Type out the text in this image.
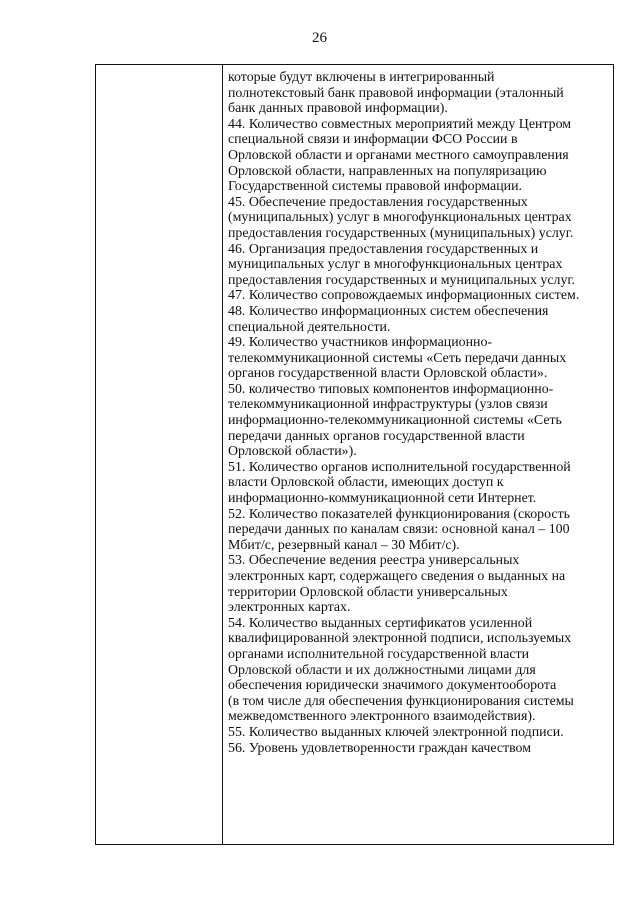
26
которые будут включены в интегрированный
полнотекстовый банк правовой информации (эталонный
банк данных правовой информации).
44. Количество совместных мероприятий между Центром
специальной связи и информации ФСО России в
Орловской области и органами местного самоуправления
Орловской области, направленных на популяризацию
Государственной системы правовой информации.
45. Обеспечение предоставления государственных
(муниципальных) услуг в многофункциональных центрах
предоставления государственных (муниципальных) услуг.
46. Организация предоставления государственных и
муниципальных услуг в многофункциональных центрах
предоставления государственных и муниципальных услуг.
47. Количество сопровождаемых информационных систем.
48. Количество информационных систем обеспечения
специальной деятельности.
49. Количество участников информационно-
телекоммуникационной системы «Сеть передачи данных
органов государственной власти Орловской области».
50. количество типовых компонентов информационно-
телекоммуникационной инфраструктуры (узлов связи
информационно-телекоммуникационной системы «Сеть
передачи данных органов государственной власти
Орловской области»).
51. Количество органов исполнительной государственной
власти Орловской области, имеющих доступ к
информационно-коммуникационной сети Интернет.
52. Количество показателей функционирования (скорость
передачи данных по каналам связи: основной канал – 100
Мбит/с, резервный канал – 30 Мбит/с).
53. Обеспечение ведения реестра универсальных
электронных карт, содержащего сведения о выданных на
территории Орловской области универсальных
электронных картах.
54. Количество выданных сертификатов усиленной
квалифицированной электронной подписи, используемых
органами исполнительной государственной власти
Орловской области и их должностными лицами для
обеспечения юридически значимого документооборота
(в том числе для обеспечения функционирования системы
межведомственного электронного взаимодействия).
55. Количество выданных ключей электронной подписи.
56. Уровень удовлетворенности граждан качеством
